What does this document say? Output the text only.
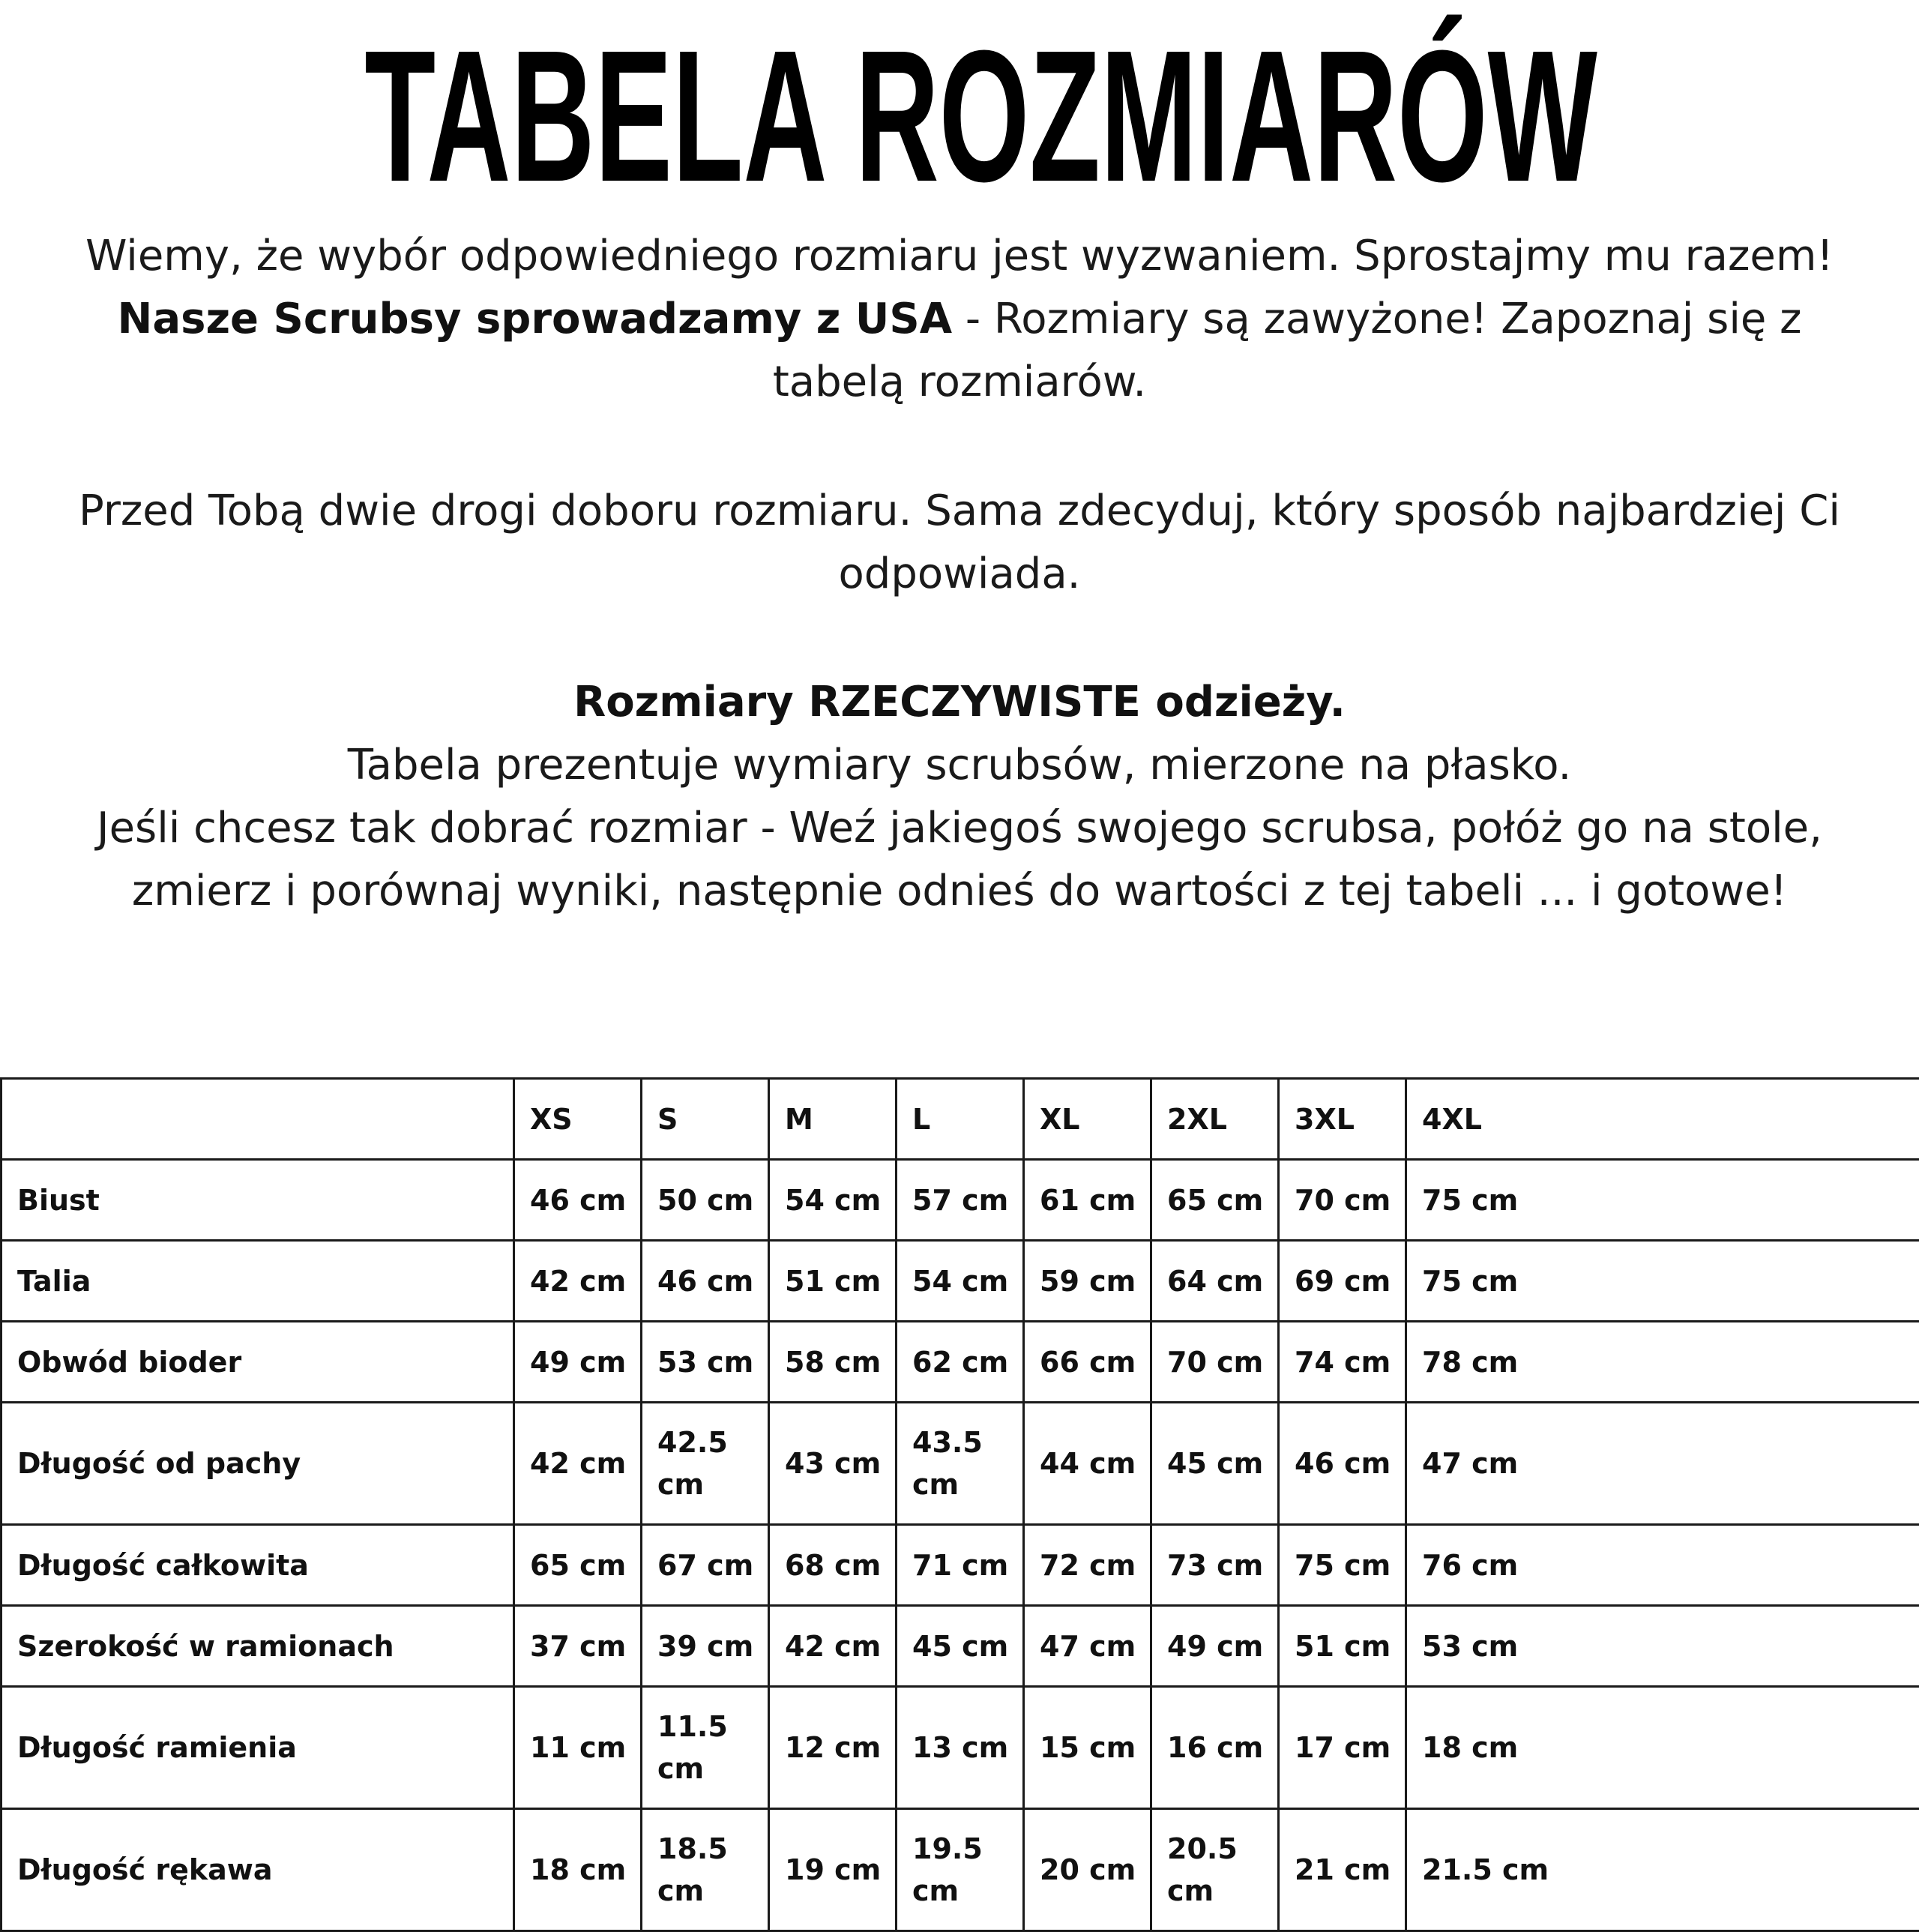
TABELA ROZMIARÓW

Wiemy, że wybór odpowiedniego rozmiaru jest wyzwaniem. Sprostajmy mu razem!

Nasze Scrubsy sprowadzamy z USA - Rozmiary są zawyżone! Zapoznaj się z tabelą rozmiarów.

Przed Tobą dwie drogi doboru rozmiaru. Sama zdecyduj, który sposób najbardziej Ci odpowiada.

Rozmiary RZECZYWISTE odzieży.

Tabela prezentuje wymiary scrubsów, mierzone na płasko.

Jeśli chcesz tak dobrać rozmiar - Weź jakiegoś swojego scrubsa, połóż go na stole, zmierz i porównaj wyniki, następnie odnieś do wartości z tej tabeli ... i gotowe!

	XS	S	M	L	XL	2XL	3XL	4XL
Biust	46 cm	50 cm	54 cm	57 cm	61 cm	65 cm	70 cm	75 cm
Talia	42 cm	46 cm	51 cm	54 cm	59 cm	64 cm	69 cm	75 cm
Obwód bioder	49 cm	53 cm	58 cm	62 cm	66 cm	70 cm	74 cm	78 cm
Długość od pachy	42 cm	42.5 cm	43 cm	43.5 cm	44 cm	45 cm	46 cm	47 cm
Długość całkowita	65 cm	67 cm	68 cm	71 cm	72 cm	73 cm	75 cm	76 cm
Szerokość w ramionach	37 cm	39 cm	42 cm	45 cm	47 cm	49 cm	51 cm	53 cm
Długość ramienia	11 cm	11.5 cm	12 cm	13 cm	15 cm	16 cm	17 cm	18 cm
Długość rękawa	18 cm	18.5 cm	19 cm	19.5 cm	20 cm	20.5 cm	21 cm	21.5 cm
